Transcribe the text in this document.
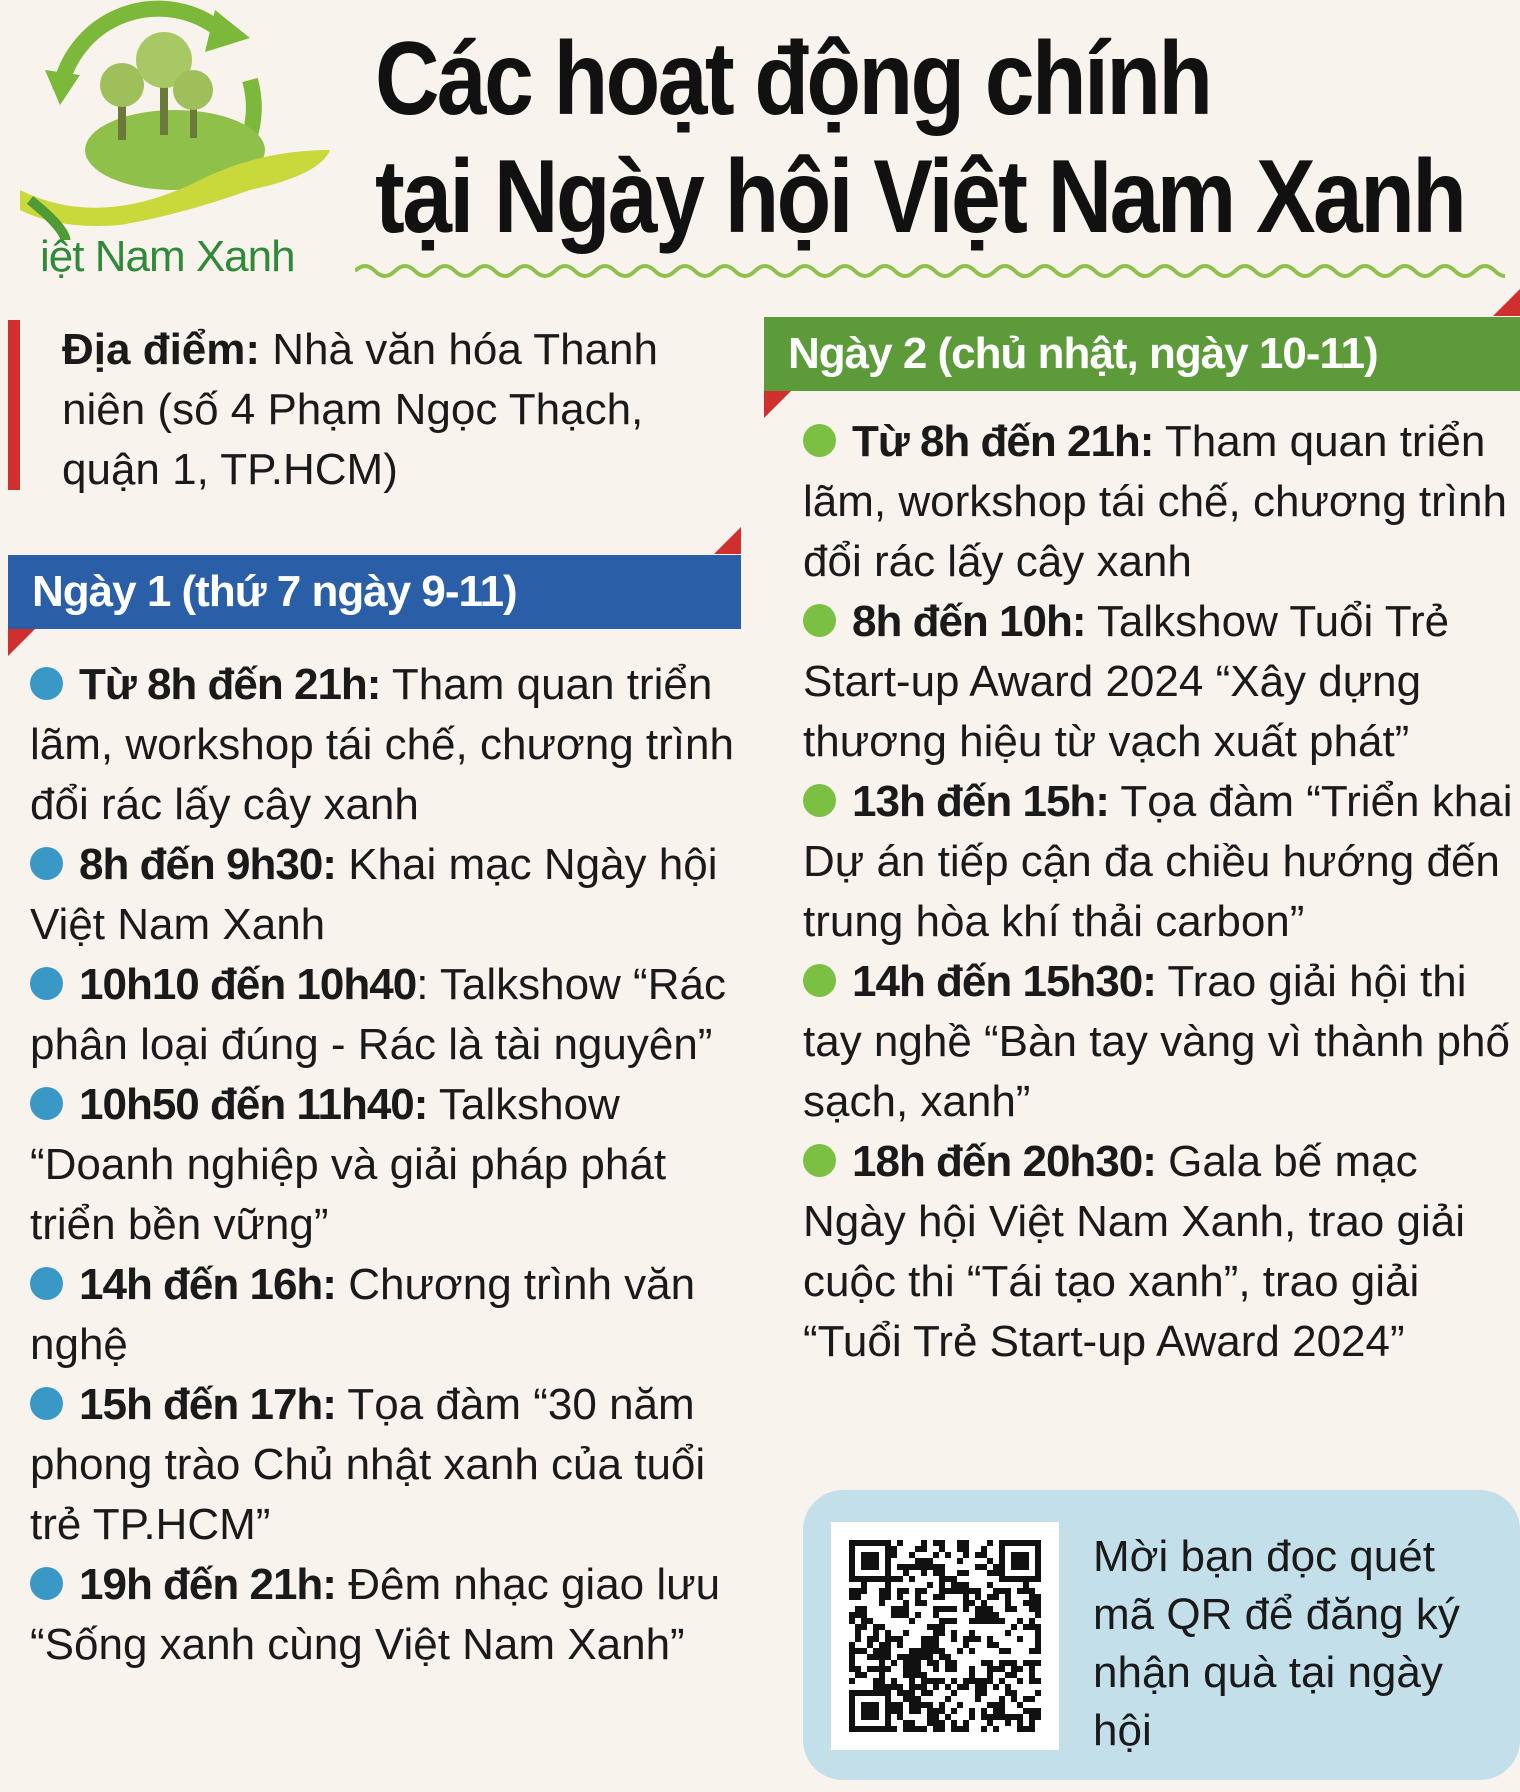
iệt Nam Xanh
Các hoạt động chính
tại Ngày hội Việt Nam Xanh
Địa điểm: Nhà văn hóa Thanh niên (số 4 Phạm Ngọc Thạch, quận 1, TP.HCM)
Ngày 1 (thứ 7 ngày 9-11)
Từ 8h đến 21h: Tham quan triển lãm, workshop tái chế, chương trình đổi rác lấy cây xanh
8h đến 9h30: Khai mạc Ngày hội Việt Nam Xanh
10h10 đến 10h40: Talkshow “Rác phân loại đúng - Rác là tài nguyên”
10h50 đến 11h40: Talkshow “Doanh nghiệp và giải pháp phát triển bền vững”
14h đến 16h: Chương trình văn nghệ
15h đến 17h: Tọa đàm “30 năm phong trào Chủ nhật xanh của tuổi trẻ TP.HCM”
19h đến 21h: Đêm nhạc giao lưu “Sống xanh cùng Việt Nam Xanh”
Ngày 2 (chủ nhật, ngày 10-11)
Từ 8h đến 21h: Tham quan triển lãm, workshop tái chế, chương trình đổi rác lấy cây xanh
8h đến 10h: Talkshow Tuổi Trẻ Start-up Award 2024 “Xây dựng thương hiệu từ vạch xuất phát”
13h đến 15h: Tọa đàm “Triển khai Dự án tiếp cận đa chiều hướng đến trung hòa khí thải carbon”
14h đến 15h30: Trao giải hội thi tay nghề “Bàn tay vàng vì thành phố sạch, xanh”
18h đến 20h30: Gala bế mạc Ngày hội Việt Nam Xanh, trao giải cuộc thi “Tái tạo xanh”, trao giải “Tuổi Trẻ Start-up Award 2024”
Mời bạn đọc quét mã QR để đăng ký nhận quà tại ngày hội
